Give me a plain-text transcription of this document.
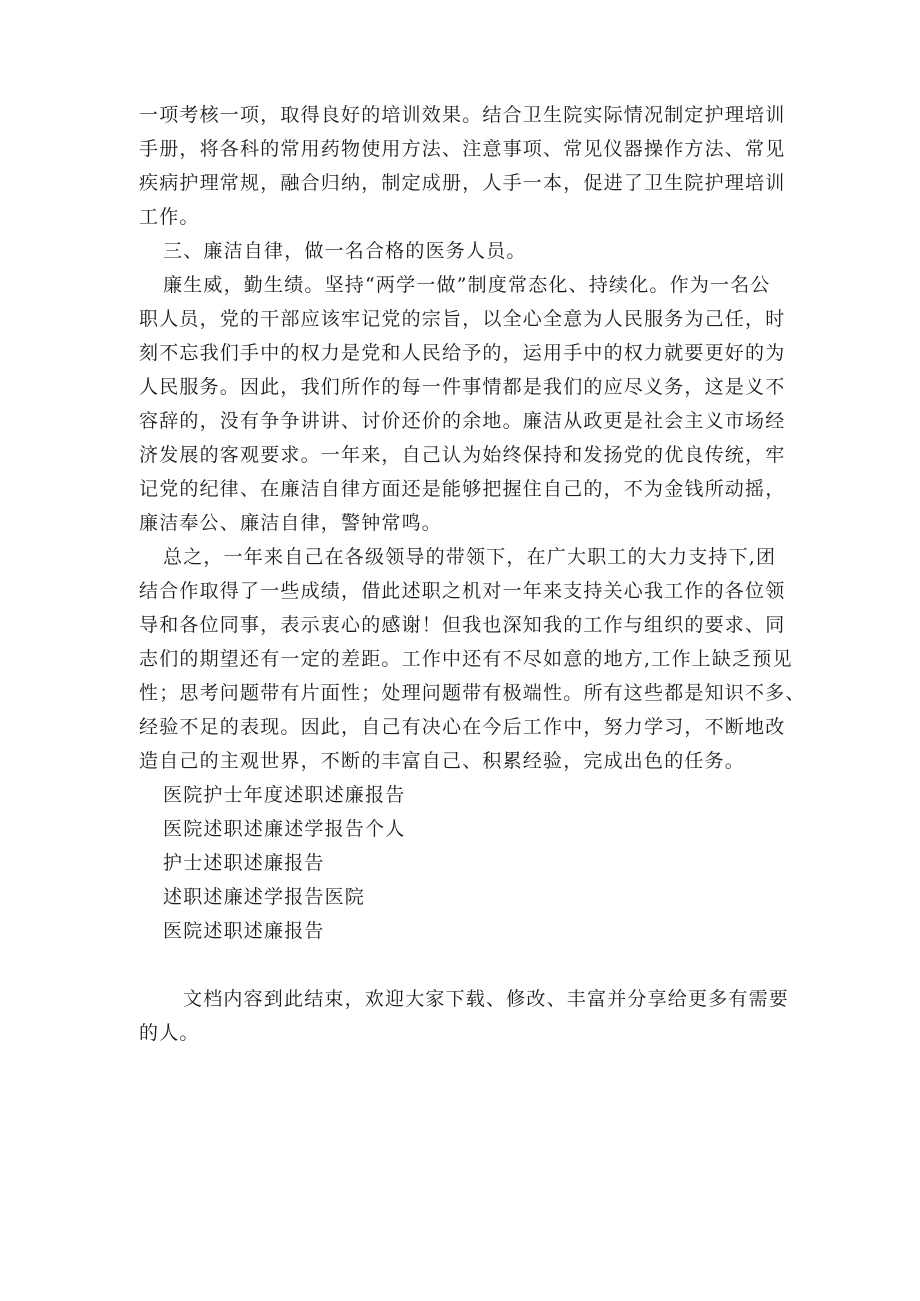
一项考核一项，取得良好的培训效果。结合卫生院实际情况制定护理培训
手册，将各科的常用药物使用方法、注意事项、常见仪器操作方法、常见
疾病护理常规，融合归纳，制定成册，人手一本，促进了卫生院护理培训
工作。
三、廉洁自律，做一名合格的医务人员。
廉生威，勤生绩。坚持“两学一做”制度常态化、持续化。作为一名公
职人员，党的干部应该牢记党的宗旨，以全心全意为人民服务为己任，时
刻不忘我们手中的权力是党和人民给予的，运用手中的权力就要更好的为
人民服务。因此，我们所作的每一件事情都是我们的应尽义务，这是义不
容辞的，没有争争讲讲、讨价还价的余地。廉洁从政更是社会主义市场经
济发展的客观要求。一年来，自己认为始终保持和发扬党的优良传统，牢
记党的纪律、在廉洁自律方面还是能够把握住自己的，不为金钱所动摇，
廉洁奉公、廉洁自律，警钟常鸣。
总之，一年来自己在各级领导的带领下，在广大职工的大力支持下,团
结合作取得了一些成绩，借此述职之机对一年来支持关心我工作的各位领
导和各位同事，表示衷心的感谢！但我也深知我的工作与组织的要求、同
志们的期望还有一定的差距。工作中还有不尽如意的地方,工作上缺乏预见
性；思考问题带有片面性；处理问题带有极端性。所有这些都是知识不多、
经验不足的表现。因此，自己有决心在今后工作中，努力学习，不断地改
造自己的主观世界，不断的丰富自己、积累经验，完成出色的任务。
医院护士年度述职述廉报告
医院述职述廉述学报告个人
护士述职述廉报告
述职述廉述学报告医院
医院述职述廉报告
文档内容到此结束，欢迎大家下载、修改、丰富并分享给更多有需要
的人。
